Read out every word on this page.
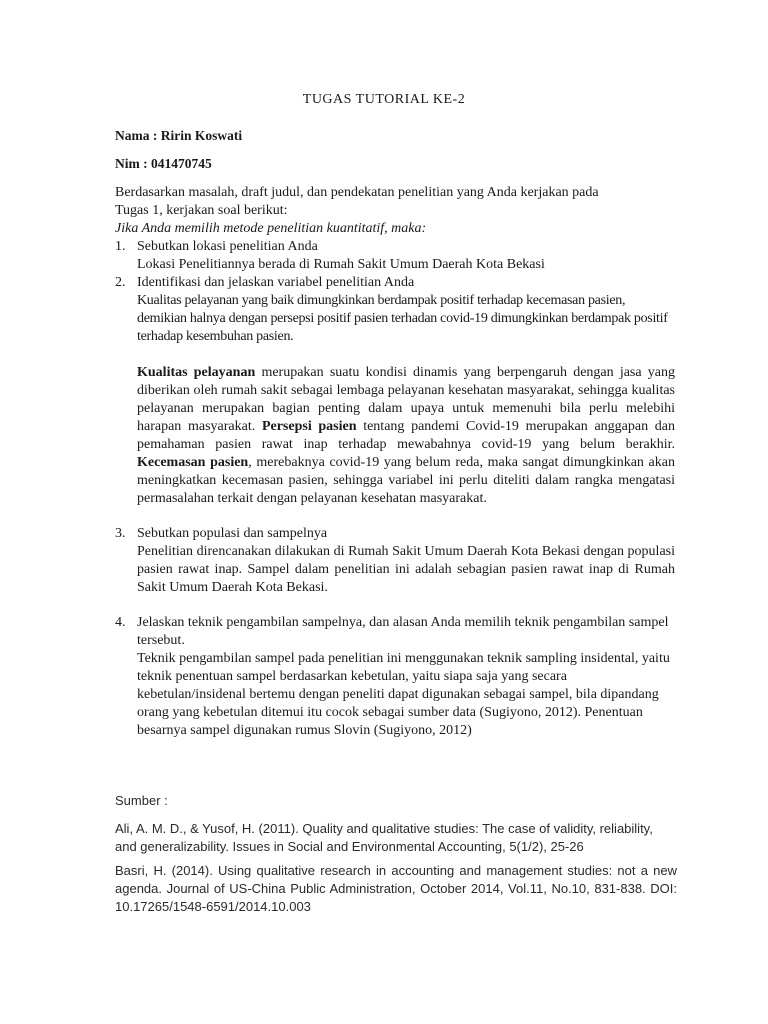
TUGAS TUTORIAL KE-2
Nama : Ririn Koswati
Nim : 041470745

Berdasarkan masalah, draft judul, dan pendekatan penelitian yang Anda kerjakan pada

Tugas 1, kerjakan soal berikut:

Jika Anda memilih metode penelitian kuantitatif, maka:

1. Sebutkan lokasi penelitian Anda
Lokasi Penelitiannya berada di Rumah Sakit Umum Daerah Kota Bekasi
2. Identifikasi dan jelaskan variabel penelitian Anda
Kualitas pelayanan yang baik dimungkinkan berdampak positif terhadap kecemasan pasien, demikian halnya dengan persepsi positif pasien terhadan covid-19 dimungkinkan berdampak positif terhadap kesembuhan pasien.
Kualitas pelayanan merupakan suatu kondisi dinamis yang berpengaruh dengan jasa yang diberikan oleh rumah sakit sebagai lembaga pelayanan kesehatan masyarakat, sehingga kualitas pelayanan merupakan bagian penting dalam upaya untuk memenuhi bila perlu melebihi harapan masyarakat. Persepsi pasien tentang pandemi Covid-19 merupakan anggapan dan pemahaman pasien rawat inap terhadap mewabahnya covid-19 yang belum berakhir. Kecemasan pasien, merebaknya covid-19 yang belum reda, maka sangat dimungkinkan akan meningkatkan kecemasan pasien, sehingga variabel ini perlu diteliti dalam rangka mengatasi permasalahan terkait dengan pelayanan kesehatan masyarakat.
3. Sebutkan populasi dan sampelnya
Penelitian direncanakan dilakukan di Rumah Sakit Umum Daerah Kota Bekasi dengan populasi pasien rawat inap. Sampel dalam penelitian ini adalah sebagian pasien rawat inap di Rumah Sakit Umum Daerah Kota Bekasi.
4. Jelaskan teknik pengambilan sampelnya, dan alasan Anda memilih teknik pengambilan sampel tersebut.
Teknik pengambilan sampel pada penelitian ini menggunakan teknik sampling insidental, yaitu teknik penentuan sampel berdasarkan kebetulan, yaitu siapa saja yang secara kebetulan/insidenal bertemu dengan peneliti dapat digunakan sebagai sampel, bila dipandang orang yang kebetulan ditemui itu cocok sebagai sumber data (Sugiyono, 2012). Penentuan besarnya sampel digunakan rumus Slovin (Sugiyono, 2012)

Sumber :

Ali, A. M. D., & Yusof, H. (2011). Quality and qualitative studies: The case of validity, reliability, and generalizability. Issues in Social and Environmental Accounting, 5(1/2), 25-26

Basri, H. (2014). Using qualitative research in accounting and management studies: not a new agenda. Journal of US-China Public Administration, October 2014, Vol.11, No.10, 831-838. DOI: 10.17265/1548-6591/2014.10.003
